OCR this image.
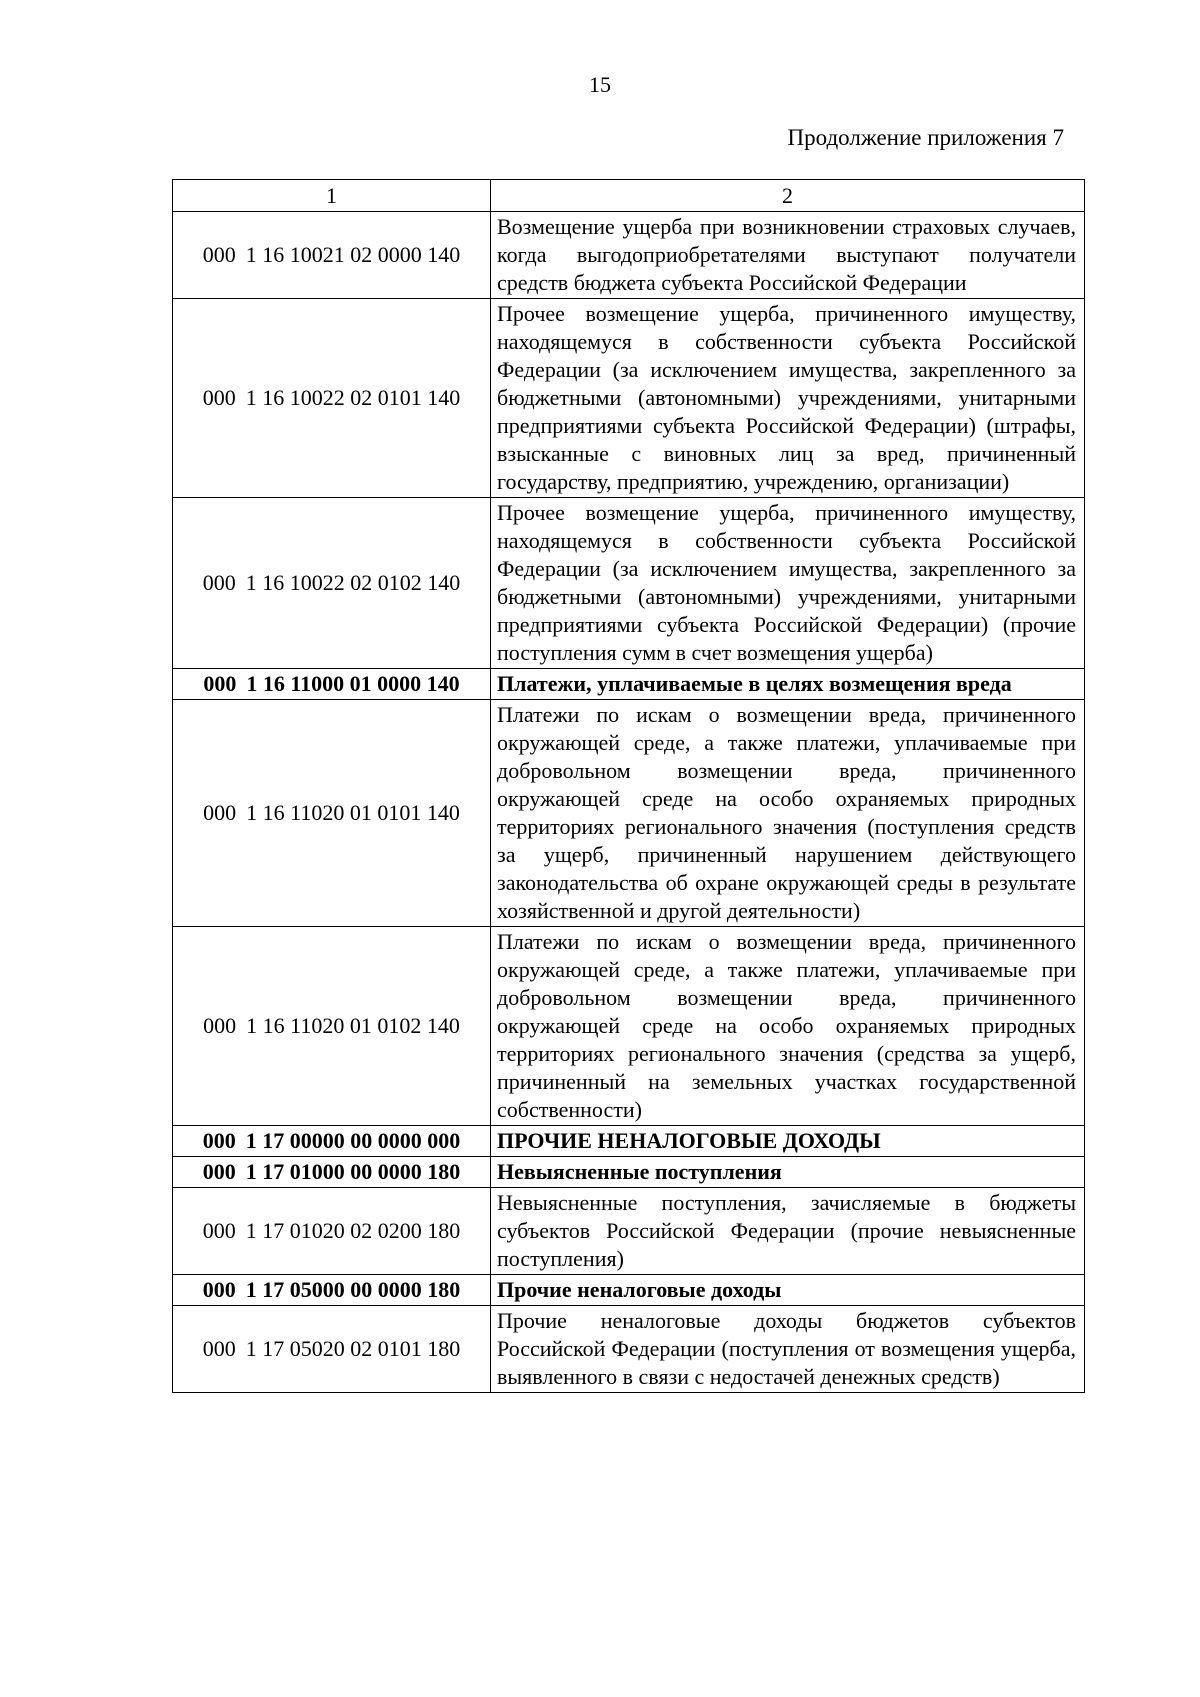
15
Продолжение приложения 7
1	2
000 1 16 10021 02 0000 140	Возмещение ущерба при возникновении страховых случаев, когда выгодоприобретателями выступают получатели средств бюджета субъекта Российской Федерации
000 1 16 10022 02 0101 140	Прочее возмещение ущерба, причиненного имуществу, находящемуся в собственности субъекта Российской Федерации (за исключением имущества, закрепленного за бюджетными (автономными) учреждениями, унитарными предприятиями субъекта Российской Федерации) (штрафы, взысканные с виновных лиц за вред, причиненный государству, предприятию, учреждению, организации)
000 1 16 10022 02 0102 140	Прочее возмещение ущерба, причиненного имуществу, находящемуся в собственности субъекта Российской Федерации (за исключением имущества, закрепленного за бюджетными (автономными) учреждениями, унитарными предприятиями субъекта Российской Федерации) (прочие поступления сумм в счет возмещения ущерба)
000 1 16 11000 01 0000 140	Платежи, уплачиваемые в целях возмещения вреда
000 1 16 11020 01 0101 140	Платежи по искам о возмещении вреда, причиненного окружающей среде, а также платежи, уплачиваемые при добровольном возмещении вреда, причиненного окружающей среде на особо охраняемых природных территориях регионального значения (поступления средств за ущерб, причиненный нарушением действующего законодательства об охране окружающей среды в результате хозяйственной и другой деятельности)
000 1 16 11020 01 0102 140	Платежи по искам о возмещении вреда, причиненного окружающей среде, а также платежи, уплачиваемые при добровольном возмещении вреда, причиненного окружающей среде на особо охраняемых природных территориях регионального значения (средства за ущерб, причиненный на земельных участках государственной собственности)
000 1 17 00000 00 0000 000	ПРОЧИЕ НЕНАЛОГОВЫЕ ДОХОДЫ
000 1 17 01000 00 0000 180	Невыясненные поступления
000 1 17 01020 02 0200 180	Невыясненные поступления, зачисляемые в бюджеты субъектов Российской Федерации (прочие невыясненные поступления)
000 1 17 05000 00 0000 180	Прочие неналоговые доходы
000 1 17 05020 02 0101 180	Прочие неналоговые доходы бюджетов субъектов Российской Федерации (поступления от возмещения ущерба, выявленного в связи с недостачей денежных средств)
